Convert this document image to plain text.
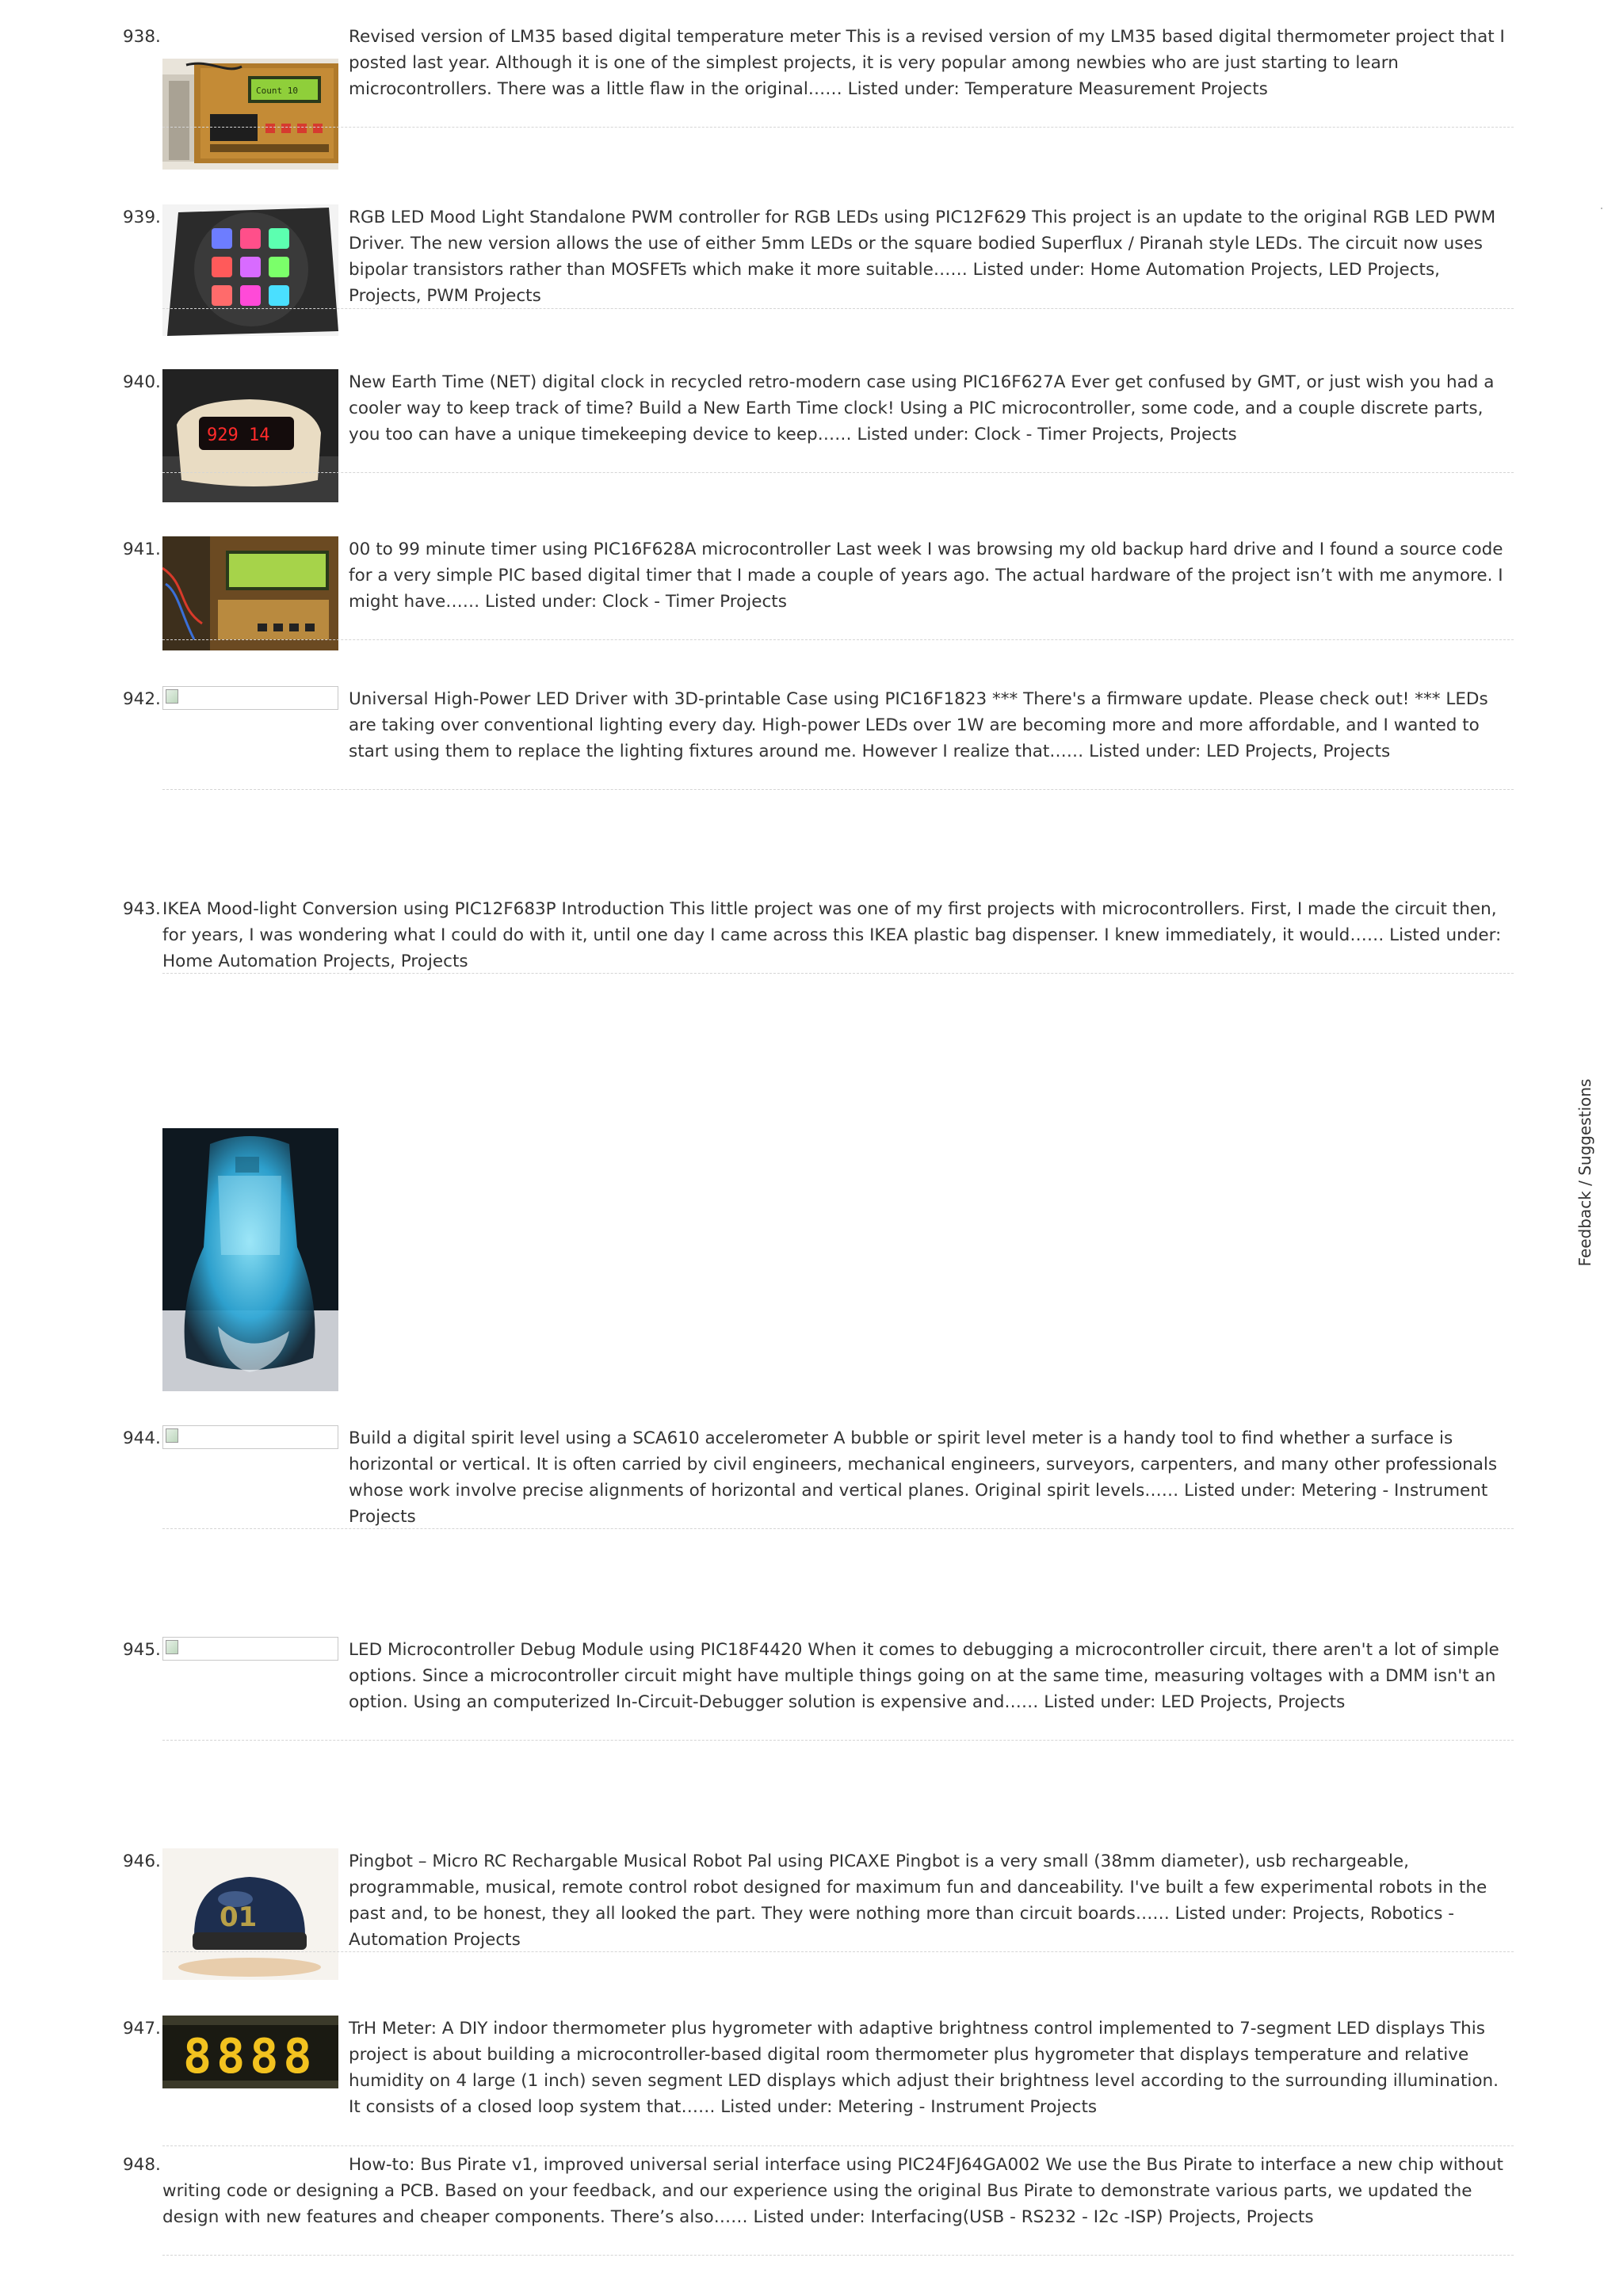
938.
Count 10

Revised version of LM35 based digital temperature meter This is a revised version of my LM35 based digital thermometer project that I posted last year. Although it is one of the simplest projects, it is very popular among newbies who are just starting to learn microcontrollers. There was a little flaw in the original…… Listed under: Temperature Measurement Projects

939.	RGB LED Mood Light Standalone PWM controller for RGB LEDs using PIC12F629 This project is an update to the original RGB LED PWM Driver. The new version allows the use of either 5mm LEDs or the square bodied Superflux / Piranah style LEDs. The circuit now uses bipolar transistors rather than MOSFETs which make it more suitable…… Listed under: Home Automation Projects, LED Projects, Projects, PWM Projects

940.
929 14

New Earth Time (NET) digital clock in recycled retro-modern case using PIC16F627A Ever get confused by GMT, or just wish you had a cooler way to keep track of time? Build a New Earth Time clock! Using a PIC microcontroller, some code, and a couple discrete parts, you too can have a unique timekeeping device to keep…… Listed under: Clock - Timer Projects, Projects

941.	00 to 99 minute timer using PIC16F628A microcontroller Last week I was browsing my old backup hard drive and I found a source code for a very simple PIC based digital timer that I made a couple of years ago. The actual hardware of the project isn’t with me anymore. I might have…… Listed under: Clock - Timer Projects

942.	Universal High-Power LED Driver with 3D-printable Case using PIC16F1823 *** There's a firmware update. Please check out! *** LEDs are taking over conventional lighting every day. High-power LEDs over 1W are becoming more and more affordable, and I wanted to start using them to replace the lighting fixtures around me. However I realize that…… Listed under: LED Projects, Projects

943. IKEA Mood-light Conversion using PIC12F683P Introduction This little project was one of my first projects with microcontrollers. First, I made the circuit then, for years, I was wondering what I could do with it, until one day I came across this IKEA plastic bag dispenser. I knew immediately, it would…… Listed under: Home Automation Projects, Projects

944.	Build a digital spirit level using a SCA610 accelerometer A bubble or spirit level meter is a handy tool to find whether a surface is horizontal or vertical. It is often carried by civil engineers, mechanical engineers, surveyors, carpenters, and many other professionals whose work involve precise alignments of horizontal and vertical planes. Original spirit levels…… Listed under: Metering - Instrument Projects

945.	LED Microcontroller Debug Module using PIC18F4420 When it comes to debugging a microcontroller circuit, there aren't a lot of simple options. Since a microcontroller circuit might have multiple things going on at the same time, measuring voltages with a DMM isn't an option. Using an computerized In-Circuit-Debugger solution is expensive and…… Listed under: LED Projects, Projects

946.
01

Pingbot – Micro RC Rechargable Musical Robot Pal using PICAXE Pingbot is a very small (38mm diameter), usb rechargeable, programmable, musical, remote control robot designed for maximum fun and danceability. I've built a few experimental robots in the past and, to be honest, they all looked the part. They were nothing more than circuit boards…… Listed under: Projects, Robotics - Automation Projects

947.
8888

TrH Meter: A DIY indoor thermometer plus hygrometer with adaptive brightness control implemented to 7-segment LED displays This project is about building a microcontroller-based digital room thermometer plus hygrometer that displays temperature and relative humidity on 4 large (1 inch) seven segment LED displays which adjust their brightness level according to the surrounding illumination. It consists of a closed loop system that…… Listed under: Metering - Instrument Projects

948.	How-to: Bus Pirate v1, improved universal serial interface using PIC24FJ64GA002 We use the Bus Pirate to interface a new chip without writing code or designing a PCB. Based on your feedback, and our experience using the original Bus Pirate to demonstrate various parts, we updated the design with new features and cheaper components. There’s also…… Listed under: Interfacing(USB - RS232 - I2c -ISP) Projects, Projects

Feedback / Suggestions
